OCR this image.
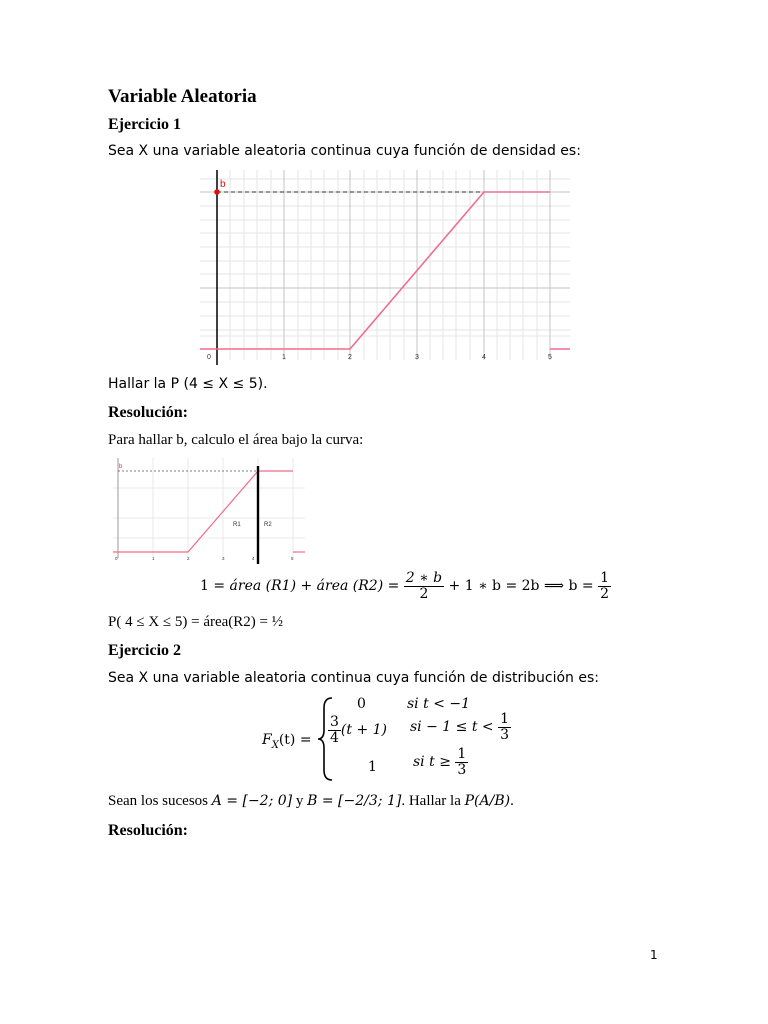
Variable Aleatoria
Ejercicio 1
Sea X una variable aleatoria continua cuya función de densidad es:
b
0	1	2	3	4	5
Hallar la P (4 ≤ X ≤ 5).
Resolución:
Para hallar b, calculo el área bajo la curva:
b
R1	R2
0	1	2	3	4	5
1 = área (R1) + área $(R2) = \frac{2 ∗ b}{2} + 1$ ∗ b = 2b ⟹ $b = \frac{1}{2}$
P( 4 ≤ X ≤ 5) = área(R2) = ½
Ejercicio 2
Sea X una variable aleatoria continua cuya función de distribución es:
$F_X(t)$ =
0	si t < −1
$\frac{3}{4} (t + 1)$ si − $1 \le t < \frac{1}{3}$
1	si $t \ge \frac{1}{3}$
Sean los sucesos A = [−2; 0] y B = [−2/3; 1]. Hallar la P(A/B).
Resolución:
1
